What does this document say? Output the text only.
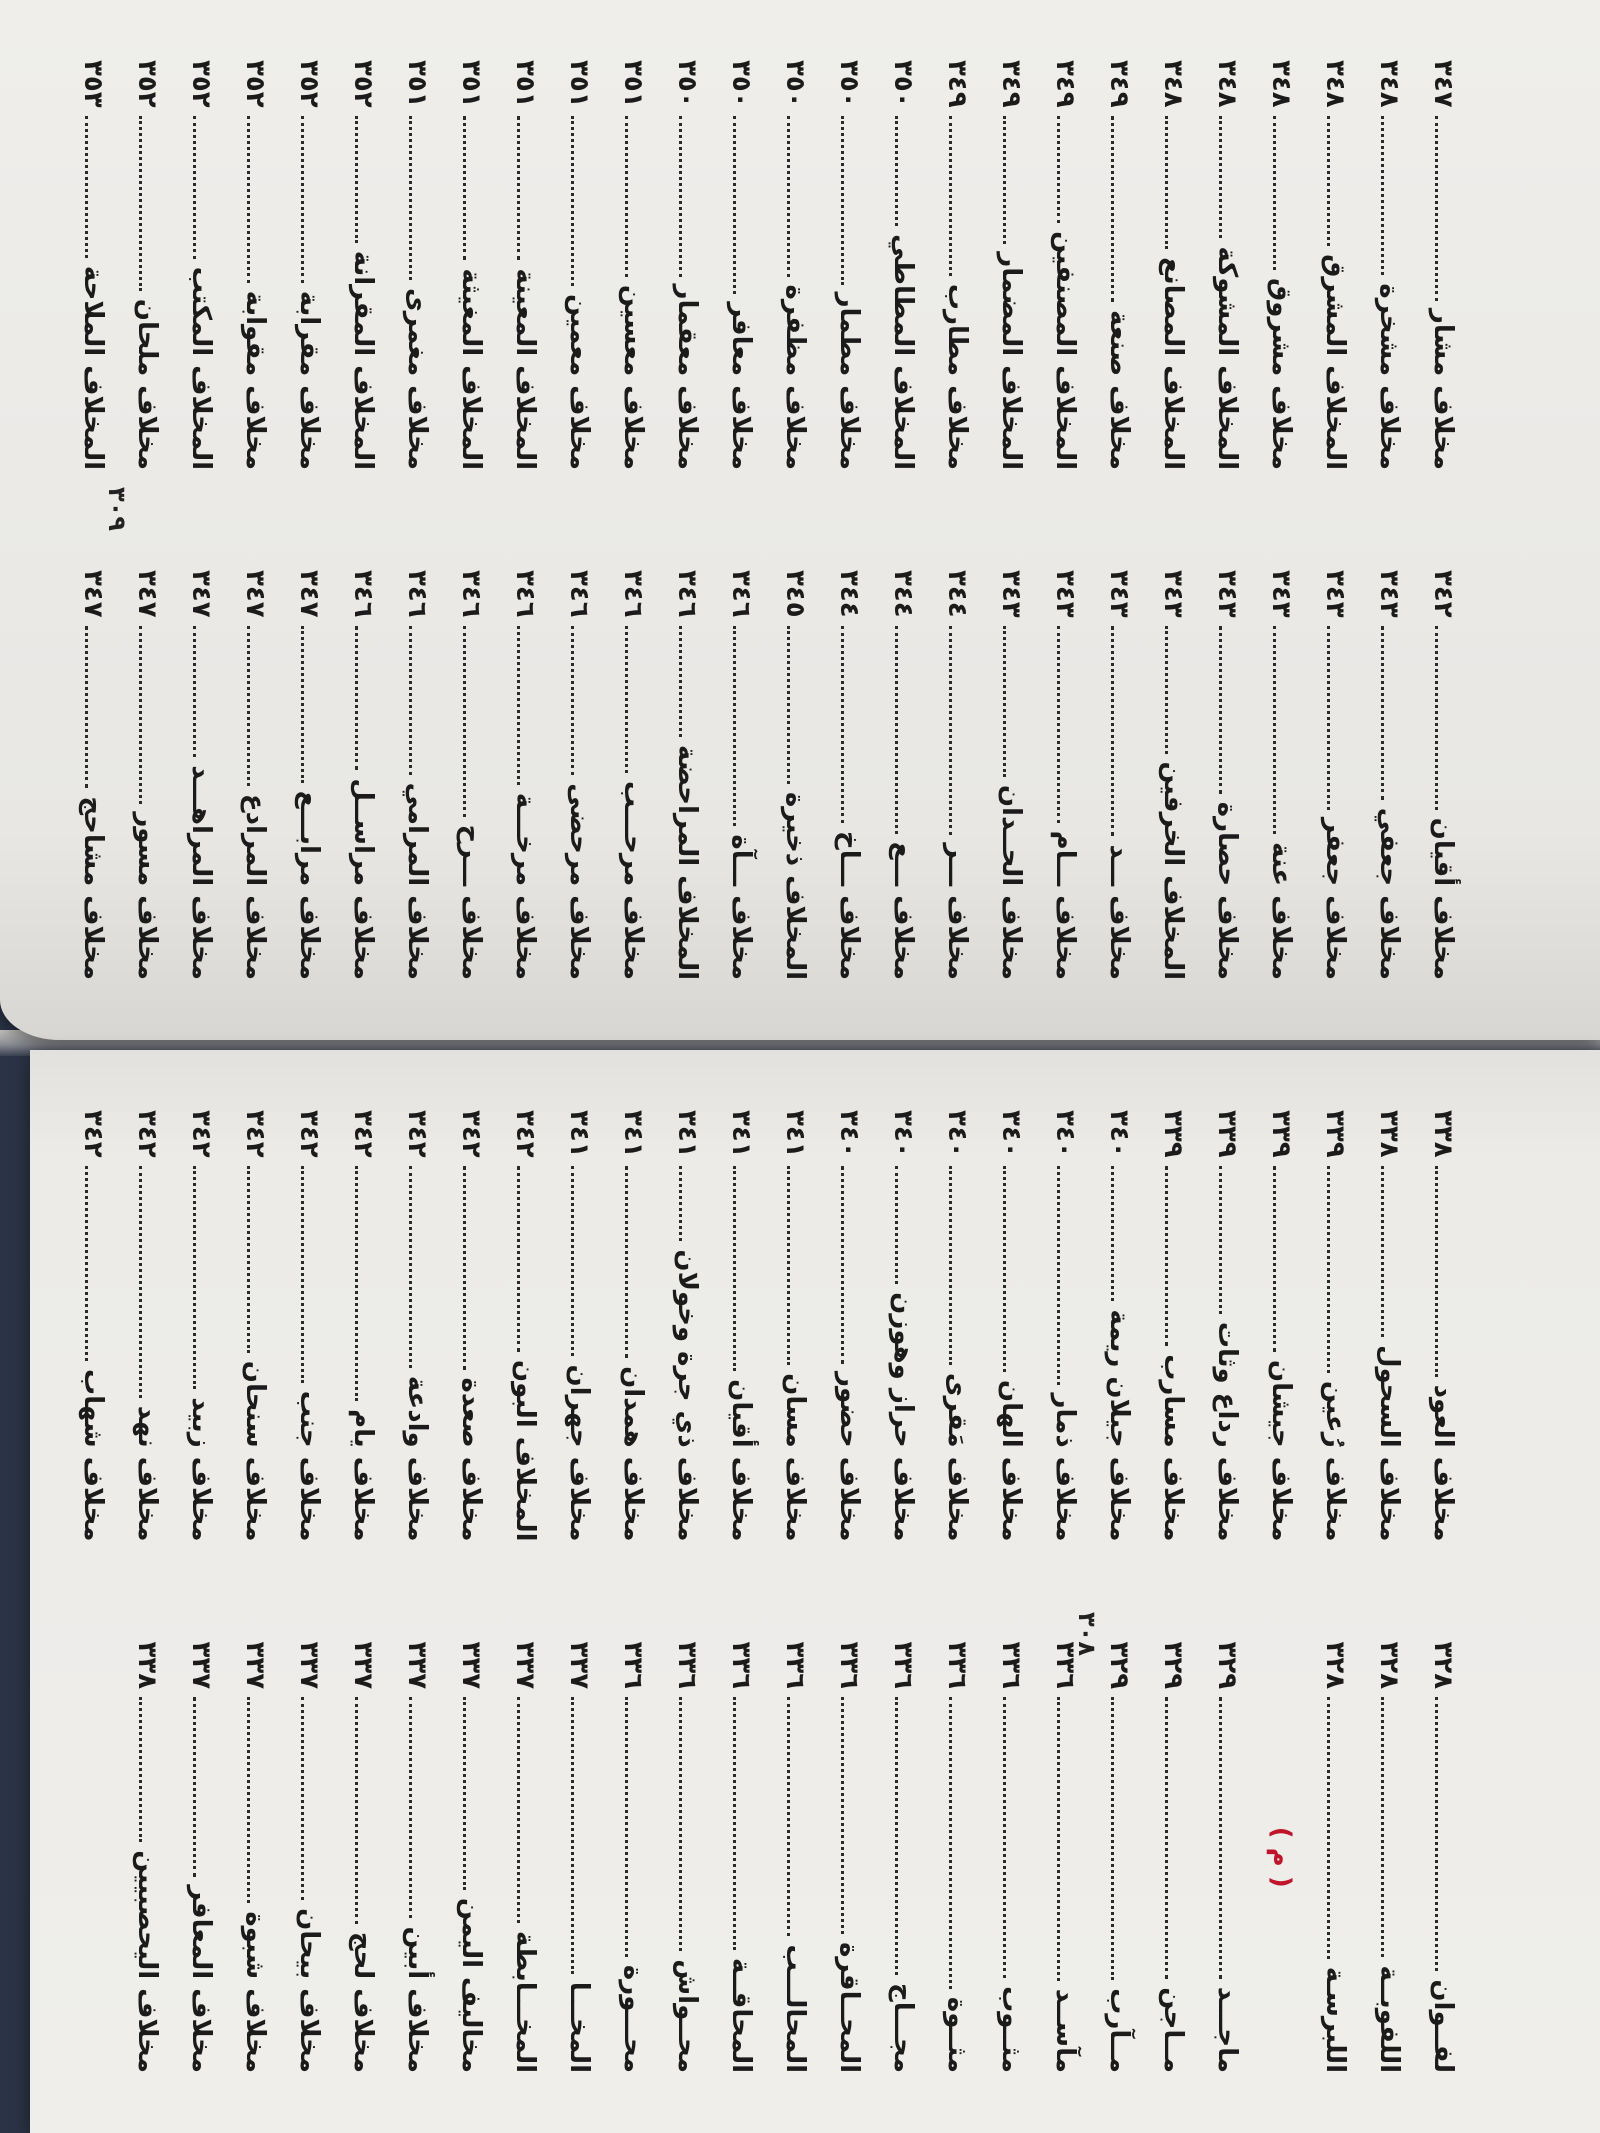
مخلاف أقيان
٣٤٢
مخلاف جعفي
٣٤٣
مخلاف جعفر
٣٤٣
مخلاف عنة
٣٤٣
مخلاف حصارة
٣٤٣
المخلاف الخرفين
٣٤٣
مخلاف ـــد
٣٤٣
مخلاف ـــام
٣٤٣
مخلاف الحــدان
٣٤٣
مخلاف ـــر
٣٤٤
مخلاف ـــع
٣٤٤
مخلاف ـــاخ
٣٤٤
المخلاف ذخيرة
٣٤٥
مخلاف ـــآة
٣٤٦
المخلاف المراحضة
٣٤٦
مخلاف مرحـــب
٣٤٦
مخلاف مرحضى
٣٤٦
مخلاف مرخـــة
٣٤٦
مخلاف ـــرح
٣٤٦
مخلاف المرامي
٣٤٦
مخلاف مراســل
٣٤٦
مخلاف مرابـــع
٣٤٧
مخلاف المرادع
٣٤٧
مخلاف المراهـــد
٣٤٧
مخلاف مسور
٣٤٧
مخلاف مشاحج
٣٤٧
مخلاف مشار
٣٤٧
مخلاف مشخرة
٣٤٨
المخلاف المشرق
٣٤٨
مخلاف مشروق
٣٤٨
المخلاف المشوكة
٣٤٨
المخلاف المصانع
٣٤٨
مخلاف صنعة
٣٤٩
المخلاف المصنفين
٣٤٩
المخلاف المضمار
٣٤٩
مخلاف مطارب
٣٤٩
المخلاف المطاطي
٣٥٠
مخلاف مطمار
٣٥٠
مخلاف مظفرة
٣٥٠
مخلاف معافر
٣٥٠
مخلاف معقمار
٣٥٠
مخلاف معسين
٣٥١
مخلاف معمين
٣٥١
المخلاف المعينة
٣٥١
المخلاف المغيثة
٣٥١
مخلاف مغمرى
٣٥١
المخلاف المقرانة
٣٥٢
مخلاف مقرابة
٣٥٢
مخلاف مقوابة
٣٥٢
المخلاف المكتب
٣٥٢
مخلاف ملحان
٣٥٢
المخلاف الملاحة
٣٥٣
٣٠٩
لفــوان
٣٢٨
اللفوبــة
٣٢٨
اللبرسـة
٣٢٨
( م )
ماجـــد
٣٢٩
مــاجن
٣٢٩
مــآرب
٣٢٩
مآســد
٣٣٦
مثــوب
٣٣٦
مثــوة
٣٣٦
مجـــاج
٣٣٦
المحــاقرة
٣٣٦
المحالـــب
٣٣٦
المحاقــة
٣٣٦
محــواش
٣٣٦
محـــورة
٣٣٦
المخـــا
٣٣٧
المخـــابطة
٣٣٧
مخاليف اليمن
٣٣٧
مخلاف أبين
٣٣٧
مخلاف لحج
٣٣٧
مخلاف بيحان
٣٣٧
مخلاف شبوة
٣٣٧
مخلاف المعافر
٣٣٧
مخلاف اليحصبيين
٣٣٨
مخلاف العود
٣٣٨
مخلاف السحول
٣٣٨
مخلاف رُعين
٣٣٩
مخلاف جيشان
٣٣٩
مخلاف رداع وثات
٣٣٩
مخلاف مسارب
٣٣٩
مخلاف جيلان ريمة
٣٤٠
مخلاف ذمار
٣٤٠
مخلاف الهان
٣٤٠
مخلاف مَقرى
٣٤٠
مخلاف حراز وهوزن
٣٤٠
مخلاف حضور
٣٤٠
مخلاف مسان
٣٤١
مخلاف أقيان
٣٤١
مخلاف ذي جرة وخولان
٣٤١
مخلاف همدان
٣٤١
مخلاف جهران
٣٤١
المخلاف البون
٣٤٢
مخلاف صعدة
٣٤٢
مخلاف وادعة
٣٤٢
مخلاف يام
٣٤٢
مخلاف جنب
٣٤٢
مخلاف سنحان
٣٤٢
مخلاف زبيد
٣٤٢
مخلاف نهد
٣٤٢
مخلاف شهاب
٣٤٢
٣٠٨
